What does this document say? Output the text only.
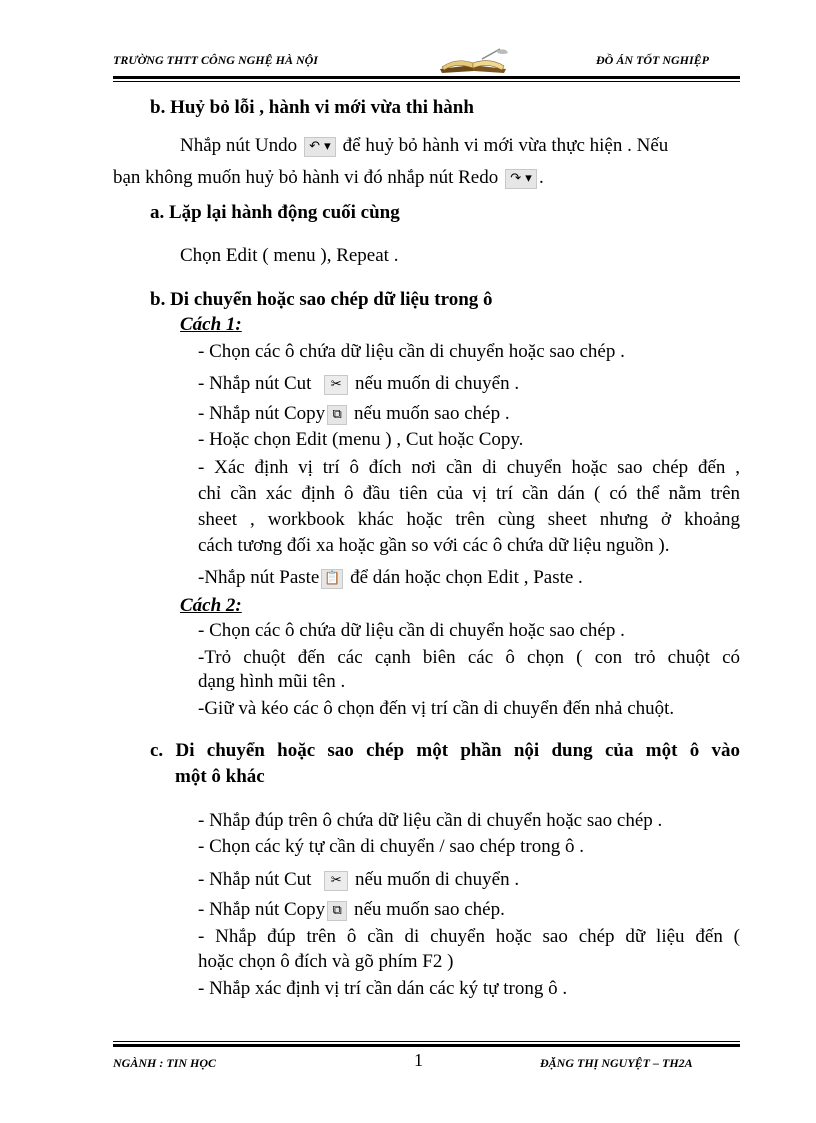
TRƯỜNG THTT CÔNG NGHỆ HÀ NỘI	ĐỒ ÁN TỐT NGHIỆP
b. Huỷ bỏ lỗi , hành vi mới vừa thi hành
Nhắp nút Undo ↶ ▾ để huỷ bỏ hành vi mới vừa thực hiện . Nếu
bạn không muốn huỷ bỏ hành vi đó nhắp nút Redo ↷ ▾ .
a. Lặp lại hành động cuối cùng
Chọn Edit ( menu ), Repeat .
b. Di chuyển hoặc sao chép dữ liệu trong ô
Cách 1:
- Chọn các ô chứa dữ liệu cần di chuyển hoặc sao chép .
- Nhắp nút Cut ✂ nếu muốn di chuyển .
- Nhắp nút Copy ⧉ nếu muốn sao chép .
- Hoặc chọn Edit (menu ) , Cut hoặc Copy.
- Xác định vị trí ô đích nơi cần di chuyển hoặc sao chép đến ,
chỉ cần xác định ô đầu tiên của vị trí cần dán ( có thể nằm trên
sheet , workbook khác hoặc trên cùng sheet nhưng ở khoảng
cách tương đối xa hoặc gần so với các ô chứa dữ liệu nguồn ).
-Nhắp nút Paste 📋 để dán hoặc chọn Edit , Paste .
Cách 2:
- Chọn các ô chứa dữ liệu cần di chuyển hoặc sao chép .
-Trỏ chuột đến các cạnh biên các ô chọn ( con trỏ chuột có
dạng hình mũi tên .
-Giữ và kéo các ô chọn đến vị trí cần di chuyển đến nhả chuột.
c. Di chuyển hoặc sao chép một phần nội dung của một ô vào
một ô khác
- Nhắp đúp trên ô chứa dữ liệu cần di chuyển hoặc sao chép .
- Chọn các ký tự cần di chuyển / sao chép trong ô .
- Nhắp nút Cut ✂ nếu muốn di chuyển .
- Nhắp nút Copy ⧉ nếu muốn sao chép.
- Nhắp đúp trên ô cần di chuyển hoặc sao chép dữ liệu đến (
hoặc chọn ô đích và gõ phím F2 )
- Nhắp xác định vị trí cần dán các ký tự trong ô .
NGÀNH : TIN HỌC	1	ĐẶNG THỊ NGUYỆT – TH2A
